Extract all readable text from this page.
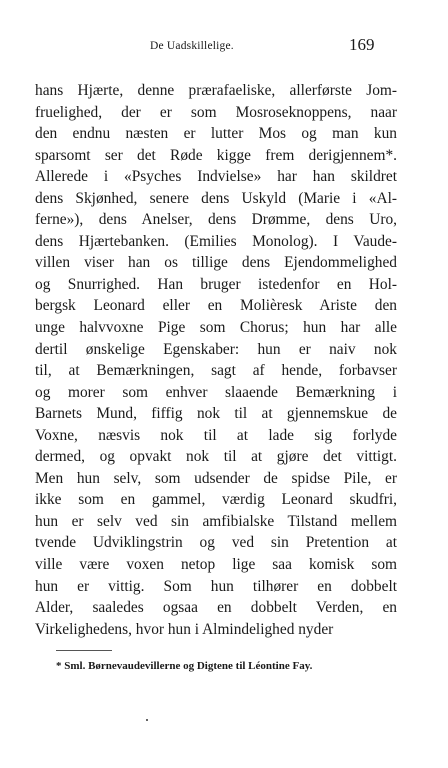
De Uadskillelige.	169
hans Hjærte, denne prærafaeliske, allerførste Jom-
fruelighed, der er som Mosroseknoppens, naar
den endnu næsten er lutter Mos og man kun
sparsomt ser det Røde kigge frem derigjennem*.
Allerede i «Psyches Indvielse» har han skildret
dens Skjønhed, senere dens Uskyld (Marie i «Al-
ferne»), dens Anelser, dens Drømme, dens Uro,
dens Hjærtebanken. (Emilies Monolog). I Vaude-
villen viser han os tillige dens Ejendommelighed
og Snurrighed. Han bruger istedenfor en Hol-
bergsk Leonard eller en Molièresk Ariste den
unge halvvoxne Pige som Chorus; hun har alle
dertil ønskelige Egenskaber: hun er naiv nok
til, at Bemærkningen, sagt af hende, forbavser
og morer som enhver slaaende Bemærkning i
Barnets Mund, fiffig nok til at gjennemskue de
Voxne, næsvis nok til at lade sig forlyde
dermed, og opvakt nok til at gjøre det vittigt.
Men hun selv, som udsender de spidse Pile, er
ikke som en gammel, værdig Leonard skudfri,
hun er selv ved sin amfibialske Tilstand mellem
tvende Udviklingstrin og ved sin Pretention at
ville være voxen netop lige saa komisk som
hun er vittig. Som hun tilhører en dobbelt
Alder, saaledes ogsaa en dobbelt Verden, en
Virkelighedens, hvor hun i Almindelighed nyder
* Sml. Børnevaudevillerne og Digtene til Léontine Fay.
